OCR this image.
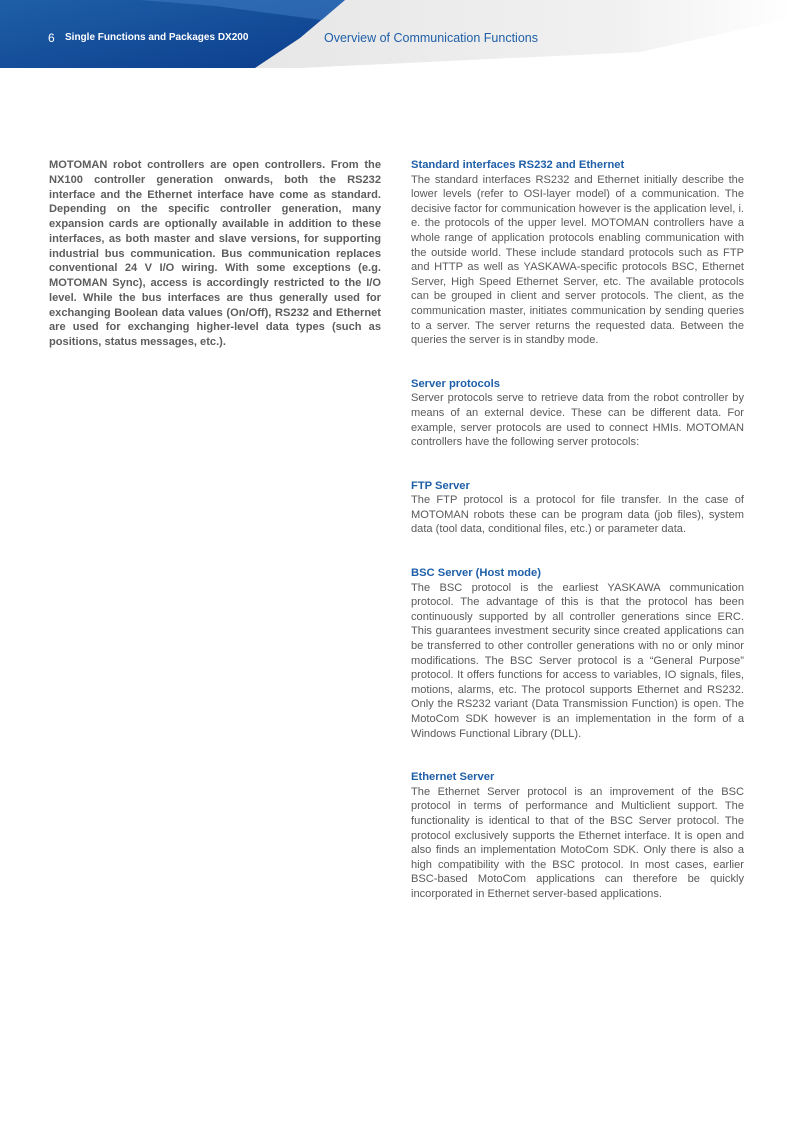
6 Single Functions and Packages DX200	Overview of Communication Functions

MOTOMAN robot controllers are open controllers. From the NX100 controller generation onwards, both the RS232 interface and the Ethernet interface have come as standard. Depending on the specific controller generation, many expansion cards are optionally available in addition to these interfaces, as both master and slave versions, for supporting industrial bus communication. Bus communication replaces conventional 24 V I/O wiring. With some exceptions (e.g. MOTOMAN Sync), access is accordingly restricted to the I/O level. While the bus interfaces are thus generally used for exchanging Boolean data values (On/Off), RS232 and Ethernet are used for exchanging higher-level data types (such as positions, status messages, etc.).

Standard interfaces RS232 and Ethernet

The standard interfaces RS232 and Ethernet initially describe the lower levels (refer to OSI-layer model) of a communication. The decisive factor for communication however is the application level, i. e. the protocols of the upper level. MOTOMAN controllers have a whole range of application protocols enabling communication with the outside world. These include standard protocols such as FTP and HTTP as well as YASKAWA-specific protocols BSC, Ethernet Server, High Speed Ethernet Server, etc. The available protocols can be grouped in client and server protocols. The client, as the communication master, initiates communication by sending queries to a server. The server returns the requested data. Between the queries the server is in standby mode.

Server protocols

Server protocols serve to retrieve data from the robot controller by means of an external device. These can be different data. For example, server protocols are used to connect HMIs. MOTOMAN controllers have the following server protocols:

FTP Server

The FTP protocol is a protocol for file transfer. In the case of MOTOMAN robots these can be program data (job files), system data (tool data, conditional files, etc.) or parameter data.

BSC Server (Host mode)

The BSC protocol is the earliest YASKAWA communication protocol. The advantage of this is that the protocol has been continuously supported by all controller generations since ERC. This guarantees investment security since created applications can be transferred to other controller generations with no or only minor modifications. The BSC Server protocol is a “General Purpose” protocol. It offers functions for access to variables, IO signals, files, motions, alarms, etc. The protocol supports Ethernet and RS232. Only the RS232 variant (Data Transmission Function) is open. The MotoCom SDK however is an implementation in the form of a Windows Functional Library (DLL).

Ethernet Server

The Ethernet Server protocol is an improvement of the BSC protocol in terms of performance and Multiclient support. The functionality is identical to that of the BSC Server protocol. The protocol exclusively supports the Ethernet interface. It is open and also finds an implementation MotoCom SDK. Only there is also a high compatibility with the BSC protocol. In most cases, earlier BSC-based MotoCom applications can therefore be quickly incorporated in Ethernet server-based applications.
